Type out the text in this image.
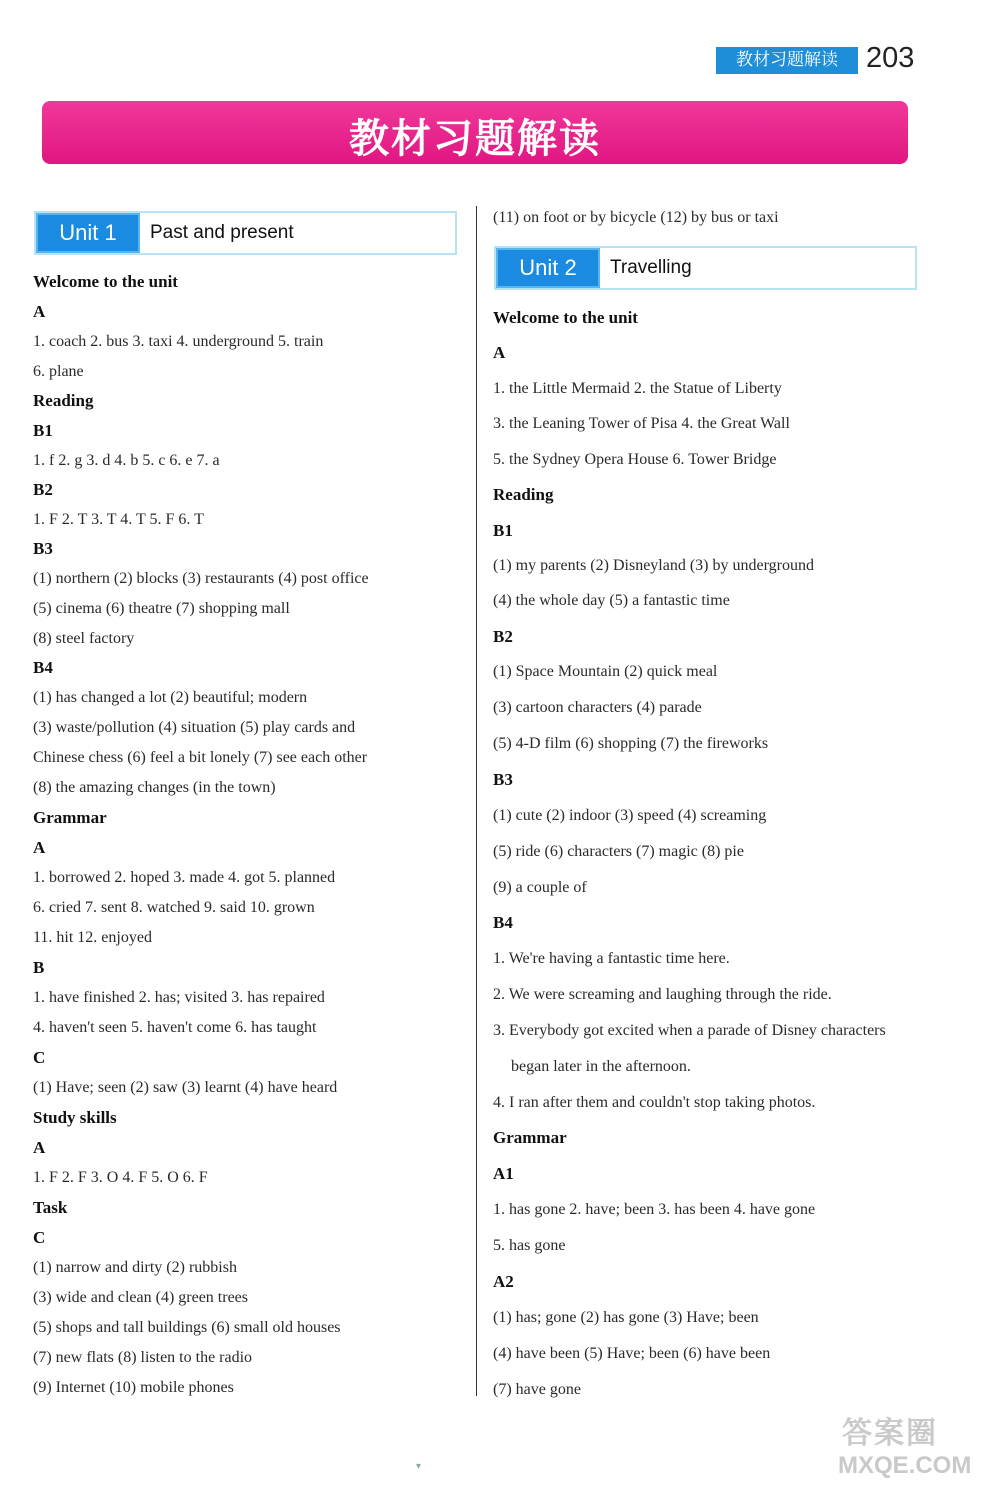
教材习题解读 203
教材习题解读
Unit 1	Past and present
Unit 2	Travelling
Welcome to the unit
A
1. coach 2. bus 3. taxi 4. underground 5. train
6. plane
Reading
B1
1. f 2. g 3. d 4. b 5. c 6. e 7. a
B2
1. F 2. T 3. T 4. T 5. F 6. T
B3
(1) northern (2) blocks (3) restaurants (4) post office
(5) cinema (6) theatre (7) shopping mall
(8) steel factory
B4
(1) has changed a lot (2) beautiful; modern
(3) waste/pollution (4) situation (5) play cards and
Chinese chess (6) feel a bit lonely (7) see each other
(8) the amazing changes (in the town)
Grammar
A
1. borrowed 2. hoped 3. made 4. got 5. planned
6. cried 7. sent 8. watched 9. said 10. grown
11. hit 12. enjoyed
B
1. have finished 2. has; visited 3. has repaired
4. haven't seen 5. haven't come 6. has taught
C
(1) Have; seen (2) saw (3) learnt (4) have heard
Study skills
A
1. F 2. F 3. O 4. F 5. O 6. F
Task
C
(1) narrow and dirty (2) rubbish
(3) wide and clean (4) green trees
(5) shops and tall buildings (6) small old houses
(7) new flats (8) listen to the radio
(9) Internet (10) mobile phones
(11) on foot or by bicycle (12) by bus or taxi
Welcome to the unit
A
1. the Little Mermaid 2. the Statue of Liberty
3. the Leaning Tower of Pisa 4. the Great Wall
5. the Sydney Opera House 6. Tower Bridge
Reading
B1
(1) my parents (2) Disneyland (3) by underground
(4) the whole day (5) a fantastic time
B2
(1) Space Mountain (2) quick meal
(3) cartoon characters (4) parade
(5) 4-D film (6) shopping (7) the fireworks
B3
(1) cute (2) indoor (3) speed (4) screaming
(5) ride (6) characters (7) magic (8) pie
(9) a couple of
B4
1. We're having a fantastic time here.
2. We were screaming and laughing through the ride.
3. Everybody got excited when a parade of Disney characters
began later in the afternoon.
4. I ran after them and couldn't stop taking photos.
Grammar
A1
1. has gone 2. have; been 3. has been 4. have gone
5. has gone
A2
(1) has; gone (2) has gone (3) Have; been
(4) have been (5) Have; been (6) have been
(7) have gone
▾
答案圈
MXQE.COM
